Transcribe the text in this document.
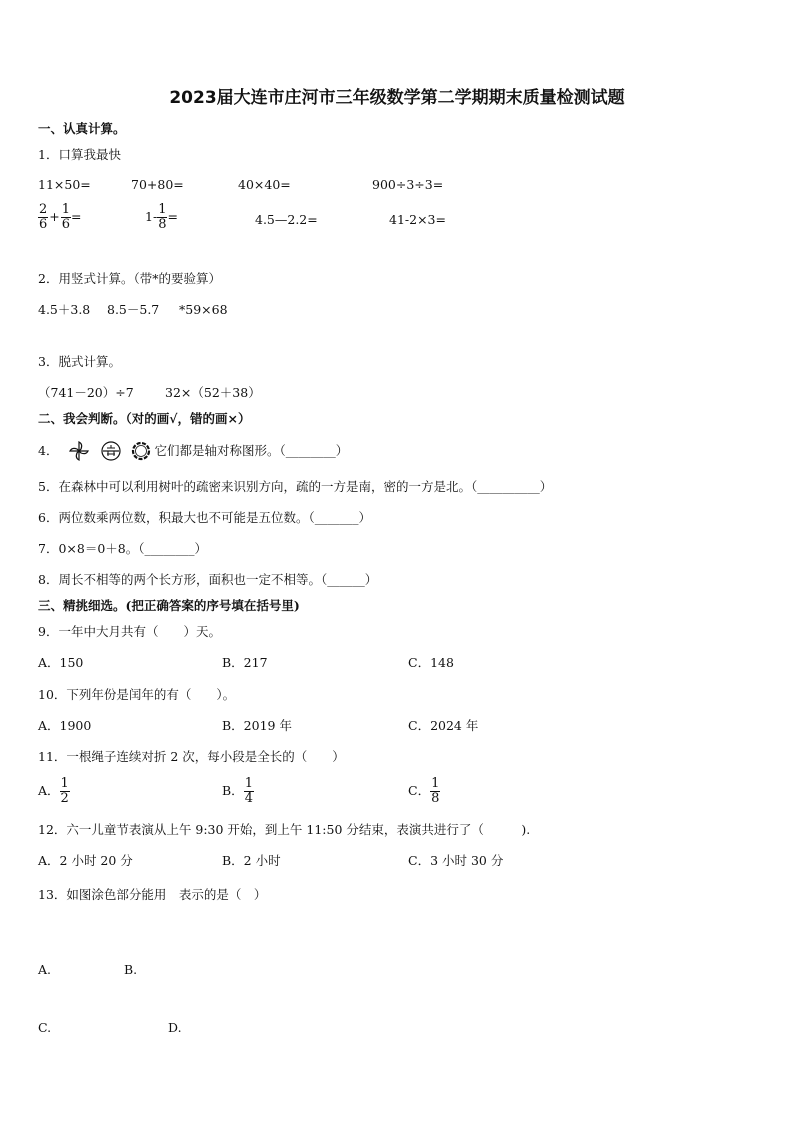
2023届大连市庄河市三年级数学第二学期期末质量检测试题
一、认真计算。
1．口算我最快
11×50=	70+80=	40×40=	900÷3÷3=
$\frac{2}{6} + \frac{1}{6}$ =	$1- \frac{1}{8}$ =	4.5—2.2=	41-2×3=
2．用竖式计算。（带*的要验算）
4.5＋3.8 8.5－5.7 *59×68
3．脱式计算。
（741－20）÷7	32×（52＋38）
二、我会判断。（对的画√，错的画×）
4．	它们都是轴对称图形。（________）
5．在森林中可以利用树叶的疏密来识别方向，疏的一方是南，密的一方是北。（__________）
6．两位数乘两位数，积最大也不可能是五位数。（_______）
7．0×8＝0＋8。（________）
8．周长不相等的两个长方形，面积也一定不相等。（______）
三、精挑细选。(把正确答案的序号填在括号里)
9．一年中大月共有（　　）天。
A．150	B．217	C．148
10．下列年份是闰年的有（　　）。
A．1900	B．2019 年	C．2024 年
11．一根绳子连续对折 2 次，每小段是全长的（　　）
A． $\frac{1}{2}$	B． $\frac{1}{4}$	C． $\frac{1}{8}$
12．六一儿童节表演从上午 9:30 开始，到上午 11:50 分结束，表演共进行了（　　　).
A．2 小时 20 分	B．2 小时	C．3 小时 30 分
13．如图涂色部分能用　表示的是（　）
A.	B.
C.	D.
